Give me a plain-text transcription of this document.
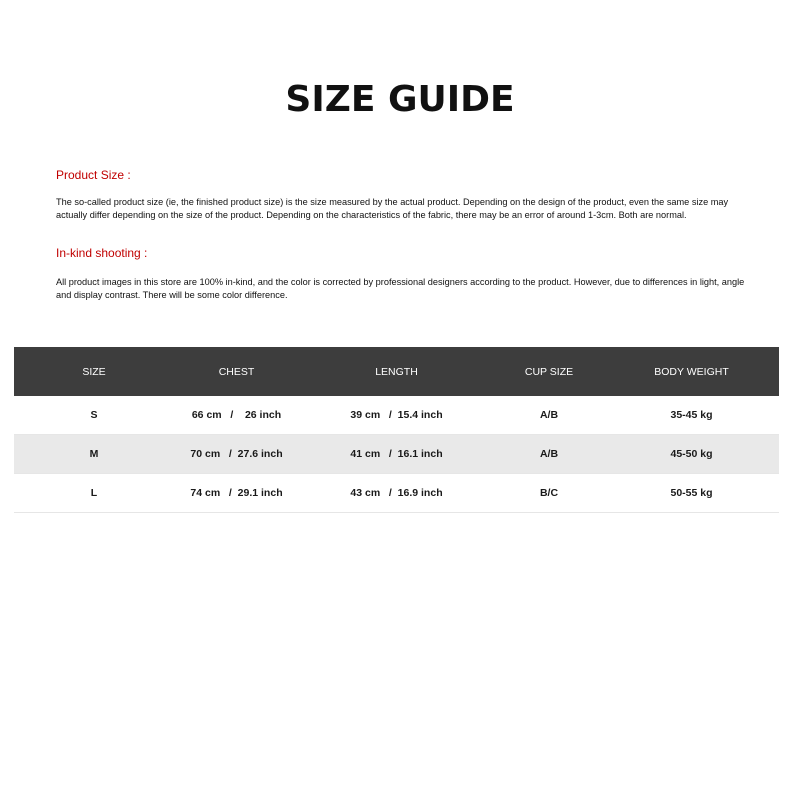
SIZE GUIDE

Product Size :

The so-called product size (ie, the finished product size) is the size measured by the actual product. Depending on the design of the product, even the same size may actually differ depending on the size of the product. Depending on the characteristics of the fabric, there may be an error of around 1-3cm. Both are normal.

In-kind shooting :

All product images in this store are 100% in-kind, and the color is corrected by professional designers according to the product. However, due to differences in light, angle and display contrast. There will be some color difference.

SIZE	CHEST	LENGTH	CUP SIZE	BODY WEIGHT
S	66 cm   /    26 inch	39 cm   /  15.4 inch	A/B	35-45 kg
M	70 cm   /  27.6 inch	41 cm   /  16.1 inch	A/B	45-50 kg
L	74 cm   /  29.1 inch	43 cm   /  16.9 inch	B/C	50-55 kg
